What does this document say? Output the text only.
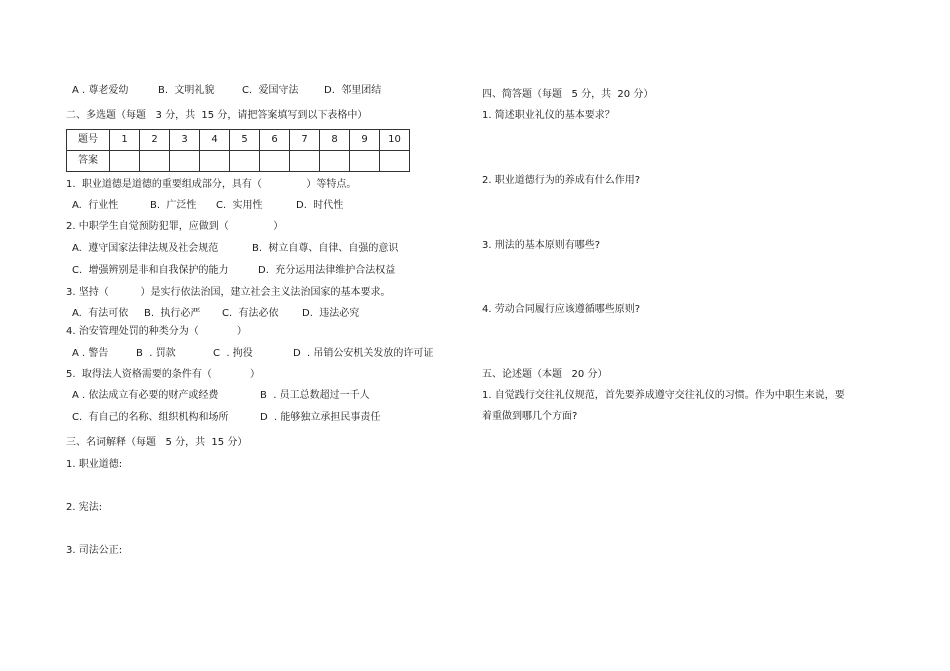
A . 尊老爱幼	B.  文明礼貌	C.  爱国守法	D.  邻里团结
二、多选题（每题   3 分，共  15 分，请把答案填写到以下表格中）
题号	1	2	3	4	5	6	7	8	9	10
答案										
1.  职业道德是道德的重要组成部分，具有（              ）等特点。
A.  行业性	B.  广泛性 C.  实用性	D.  时代性
2. 中职学生自觉预防犯罪，应做到（              ）
A.  遵守国家法律法规及社会规范	B.  树立自尊、自律、自强的意识
C.  增强辨别是非和自我保护的能力	D.  充分运用法律维护合法权益
3. 坚持（          ）是实行依法治国，建立社会主义法治国家的基本要求。
A.  有法可依 B.  执行必严 C.  有法必依 D.  违法必究
4. 治安管理处罚的种类分为（            ）
A . 警告	B  . 罚款	C  . 拘役	D  . 吊销公安机关发放的许可证
5.  取得法人资格需要的条件有（            ）
A . 依法成立有必要的财产或经费	B  . 员工总数超过一千人
C.  有自己的名称、组织机构和场所	D  . 能够独立承担民事责任
三、名词解释（每题   5 分，共  15 分）
1. 职业道德:
2. 宪法:
3. 司法公正:
四、简答题（每题   5 分，共  20 分）
1. 简述职业礼仪的基本要求？
2. 职业道德行为的养成有什么作用?
3. 刑法的基本原则有哪些?
4. 劳动合同履行应该遵循哪些原则?
五、论述题（本题   20 分）
1. 自觉践行交往礼仪规范，首先要养成遵守交往礼仪的习惯。作为中职生来说，要
着重做到哪几个方面?
